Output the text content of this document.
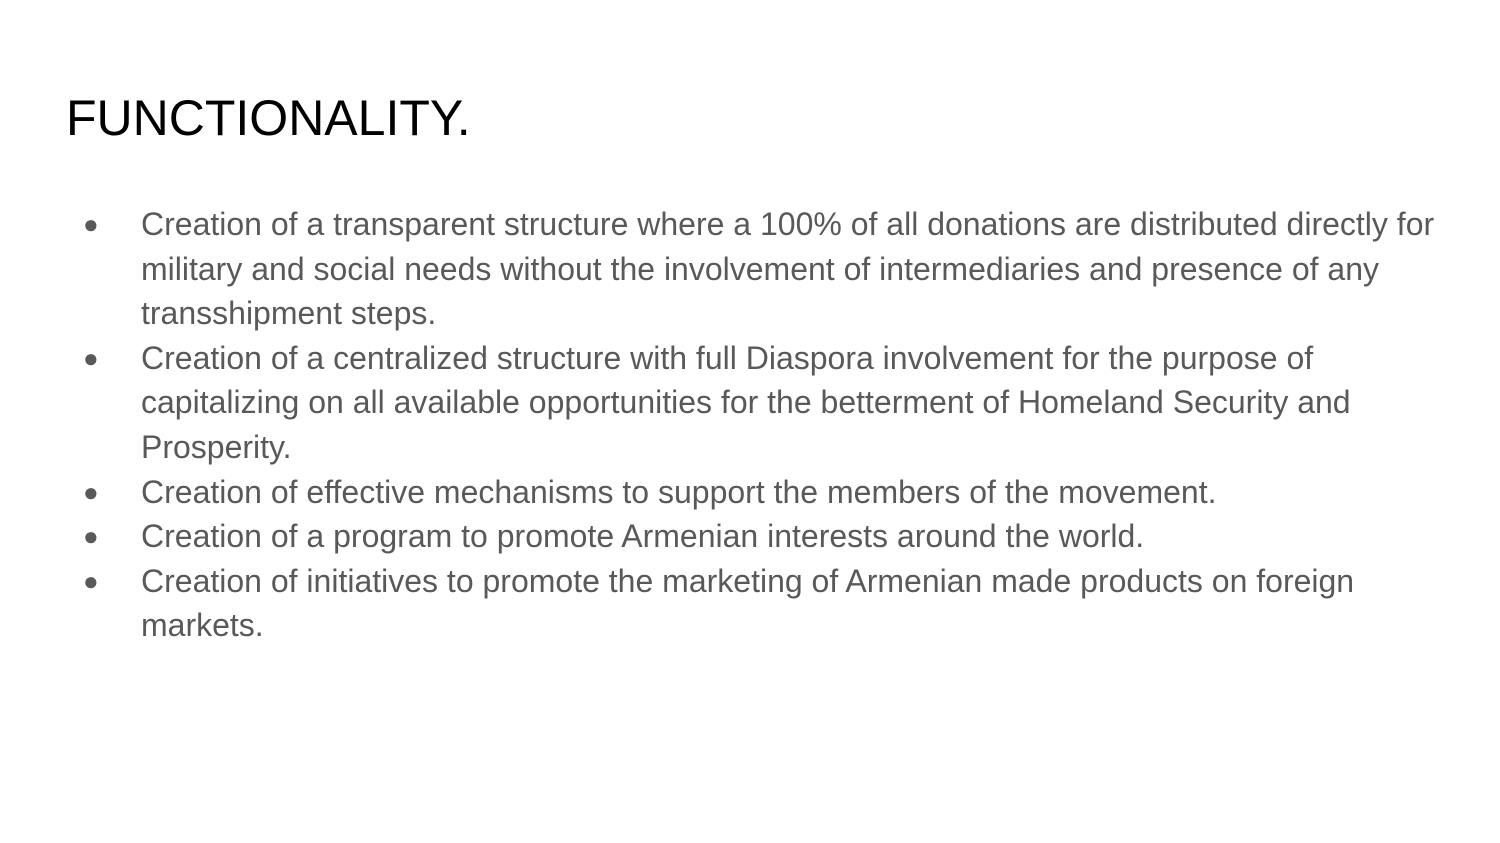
FUNCTIONALITY.
● Creation of a transparent structure where a 100% of all donations are distributed directly for military and social needs without the involvement of intermediaries and presence of any transshipment steps.
● Creation of a centralized structure with full Diaspora involvement for the purpose of capitalizing on all available opportunities for the betterment of Homeland Security and Prosperity.
● Creation of effective mechanisms to support the members of the movement.
● Creation of a program to promote Armenian interests around the world.
● Creation of initiatives to promote the marketing of Armenian made products on foreign markets.
